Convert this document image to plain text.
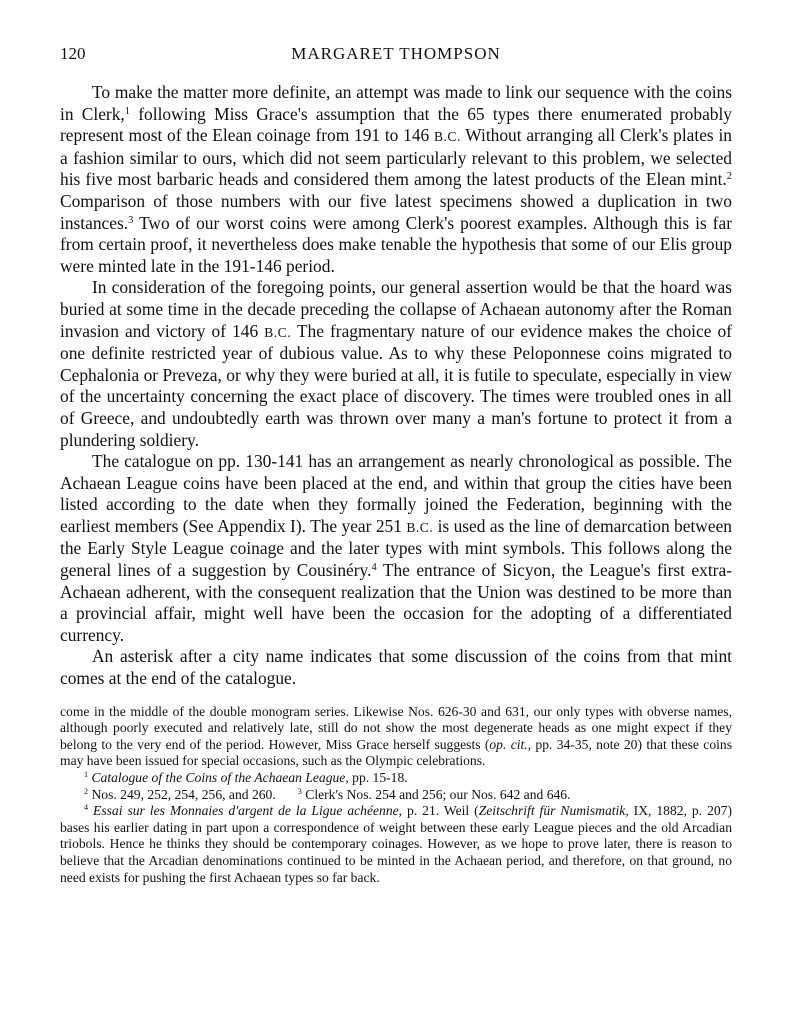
120	MARGARET THOMPSON

To make the matter more definite, an attempt was made to link our sequence with the coins in Clerk,$^1$ following Miss Grace's assumption that the 65 types there enumerated probably represent most of the Elean coinage from 191 to 146 B.C. Without arranging all Clerk's plates in a fashion similar to ours, which did not seem particularly relevant to this problem, we selected his five most barbaric heads and considered them among the latest products of the Elean mint.$^2$ Comparison of those numbers with our five latest specimens showed a duplication in two instances.$^3$ Two of our worst coins were among Clerk's poorest examples. Although this is far from certain proof, it nevertheless does make tenable the hypothesis that some of our Elis group were minted late in the 191-146 period.

In consideration of the foregoing points, our general assertion would be that the hoard was buried at some time in the decade preceding the collapse of Achaean autonomy after the Roman invasion and victory of 146 B.C. The fragmentary nature of our evidence makes the choice of one definite restricted year of dubious value. As to why these Peloponnese coins migrated to Cephalonia or Preveza, or why they were buried at all, it is futile to speculate, especially in view of the uncertainty concerning the exact place of discovery. The times were troubled ones in all of Greece, and undoubtedly earth was thrown over many a man's fortune to protect it from a plundering soldiery.

The catalogue on pp. 130-141 has an arrangement as nearly chronological as possible. The Achaean League coins have been placed at the end, and within that group the cities have been listed according to the date when they formally joined the Federation, beginning with the earliest members (See Appendix I). The year 251 B.C. is used as the line of demarcation between the Early Style League coinage and the later types with mint symbols. This follows along the general lines of a suggestion by Cousinéry.$^4$ The entrance of Sicyon, the League's first extra-Achaean adherent, with the consequent realization that the Union was destined to be more than a provincial affair, might well have been the occasion for the adopting of a differentiated currency.

An asterisk after a city name indicates that some discussion of the coins from that mint comes at the end of the catalogue.

come in the middle of the double monogram series. Likewise Nos. 626-30 and 631, our only types with obverse names, although poorly executed and relatively late, still do not show the most degenerate heads as one might expect if they belong to the very end of the period. However, Miss Grace herself suggests (op. cit., pp. 34-35, note 20) that these coins may have been issued for special occasions, such as the Olympic celebrations.

$^1$ Catalogue of the Coins of the Achaean League, pp. 15-18.

$^2$ Nos. 249, 252, 254, 256, and 260.	$^3$ Clerk's Nos. 254 and 256; our Nos. 642 and 646.

$^4$ Essai sur les Monnaies d'argent de la Ligue achéenne, p. 21. Weil (Zeitschrift für Numismatik, IX, 1882, p. 207) bases his earlier dating in part upon a correspondence of weight between these early League pieces and the old Arcadian triobols. Hence he thinks they should be contemporary coinages. However, as we hope to prove later, there is reason to believe that the Arcadian denominations continued to be minted in the Achaean period, and therefore, on that ground, no need exists for pushing the first Achaean types so far back.
